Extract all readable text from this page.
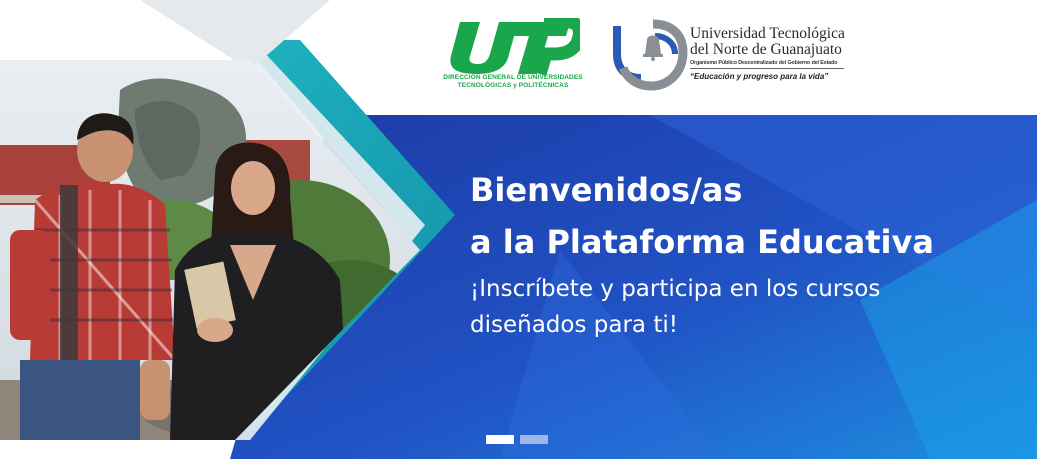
y
DIRECCIÓN GENERAL DE UNIVERSIDADES
TECNOLÓGICAS y POLITÉCNICAS
Universidad Tecnológica
del Norte de Guanajuato
Organismo Público Descentralizado del Gobierno del Estado
“Educación y progreso para la vida”
Bienvenidos/as
a la Plataforma Educativa
¡Inscríbete y participa en los cursos
diseñados para ti!
